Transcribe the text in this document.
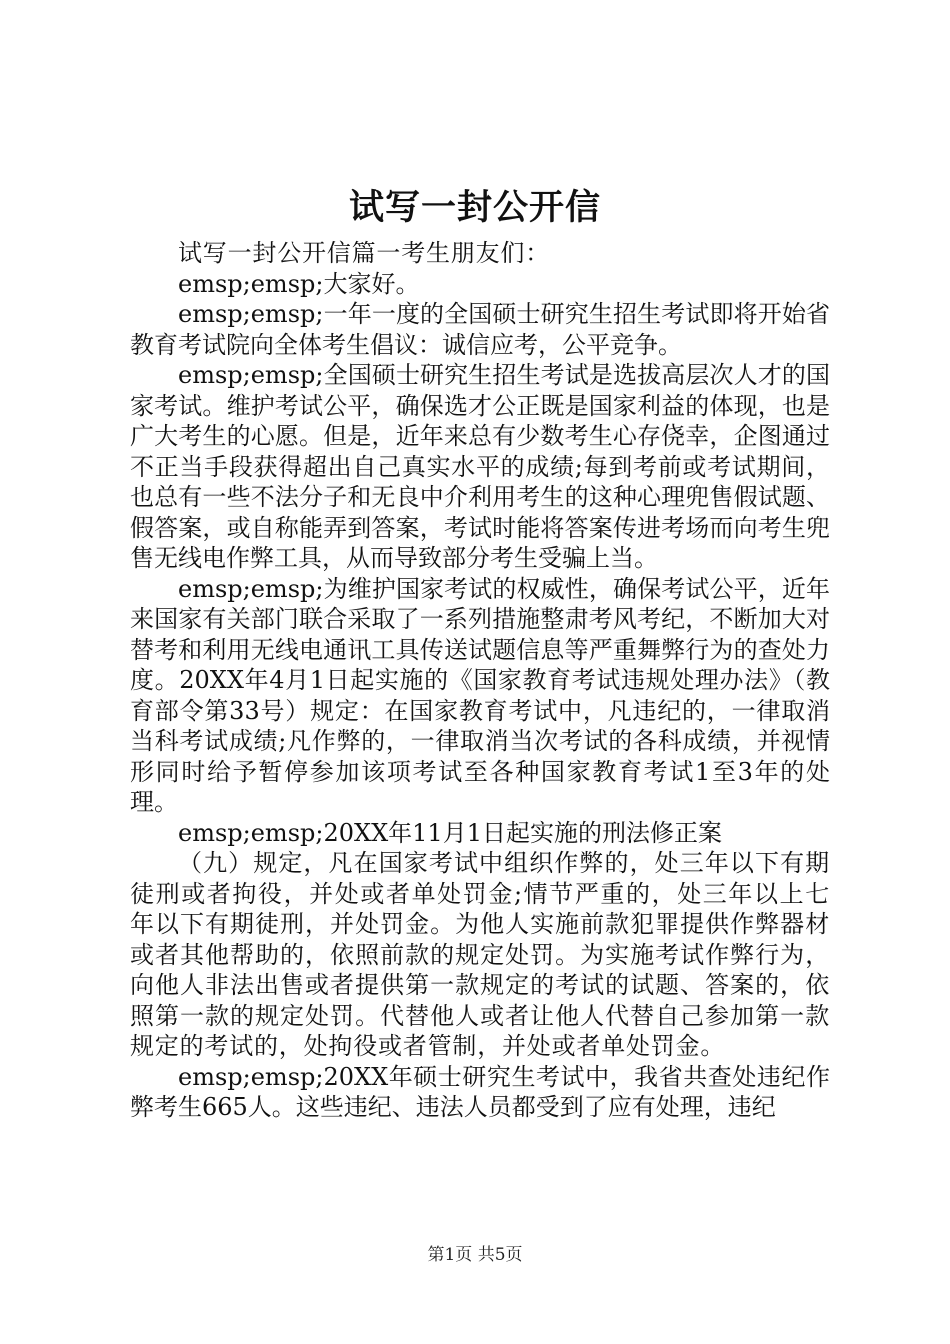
试写一封公开信

试写一封公开信篇一考生朋友们：

emsp;emsp;大家好。

emsp;emsp;一年一度的全国硕士研究生招生考试即将开始省教育考试院向全体考生倡议：诚信应考，公平竞争。

emsp;emsp;全国硕士研究生招生考试是选拔高层次人才的国家考试。维护考试公平，确保选才公正既是国家利益的体现，也是广大考生的心愿。但是，近年来总有少数考生心存侥幸，企图通过不正当手段获得超出自己真实水平的成绩;每到考前或考试期间，也总有一些不法分子和无良中介利用考生的这种心理兜售假试题、假答案，或自称能弄到答案，考试时能将答案传进考场而向考生兜售无线电作弊工具，从而导致部分考生受骗上当。

emsp;emsp;为维护国家考试的权威性，确保考试公平，近年来国家有关部门联合采取了一系列措施整肃考风考纪，不断加大对替考和利用无线电通讯工具传送试题信息等严重舞弊行为的查处力度。20XX年4月1日起实施的《国家教育考试违规处理办法》（教育部令第33号）规定：在国家教育考试中，凡违纪的，一律取消当科考试成绩;凡作弊的，一律取消当次考试的各科成绩，并视情形同时给予暂停参加该项考试至各种国家教育考试1至3年的处理。

emsp;emsp;20XX年11月1日起实施的刑法修正案

（九）规定，凡在国家考试中组织作弊的，处三年以下有期徒刑或者拘役，并处或者单处罚金;情节严重的，处三年以上七年以下有期徒刑，并处罚金。为他人实施前款犯罪提供作弊器材或者其他帮助的，依照前款的规定处罚。为实施考试作弊行为，向他人非法出售或者提供第一款规定的考试的试题、答案的，依照第一款的规定处罚。代替他人或者让他人代替自己参加第一款规定的考试的，处拘役或者管制，并处或者单处罚金。

emsp;emsp;20XX年硕士研究生考试中，我省共查处违纪作弊考生665人。这些违纪、违法人员都受到了应有处理，违纪

第1页 共5页
